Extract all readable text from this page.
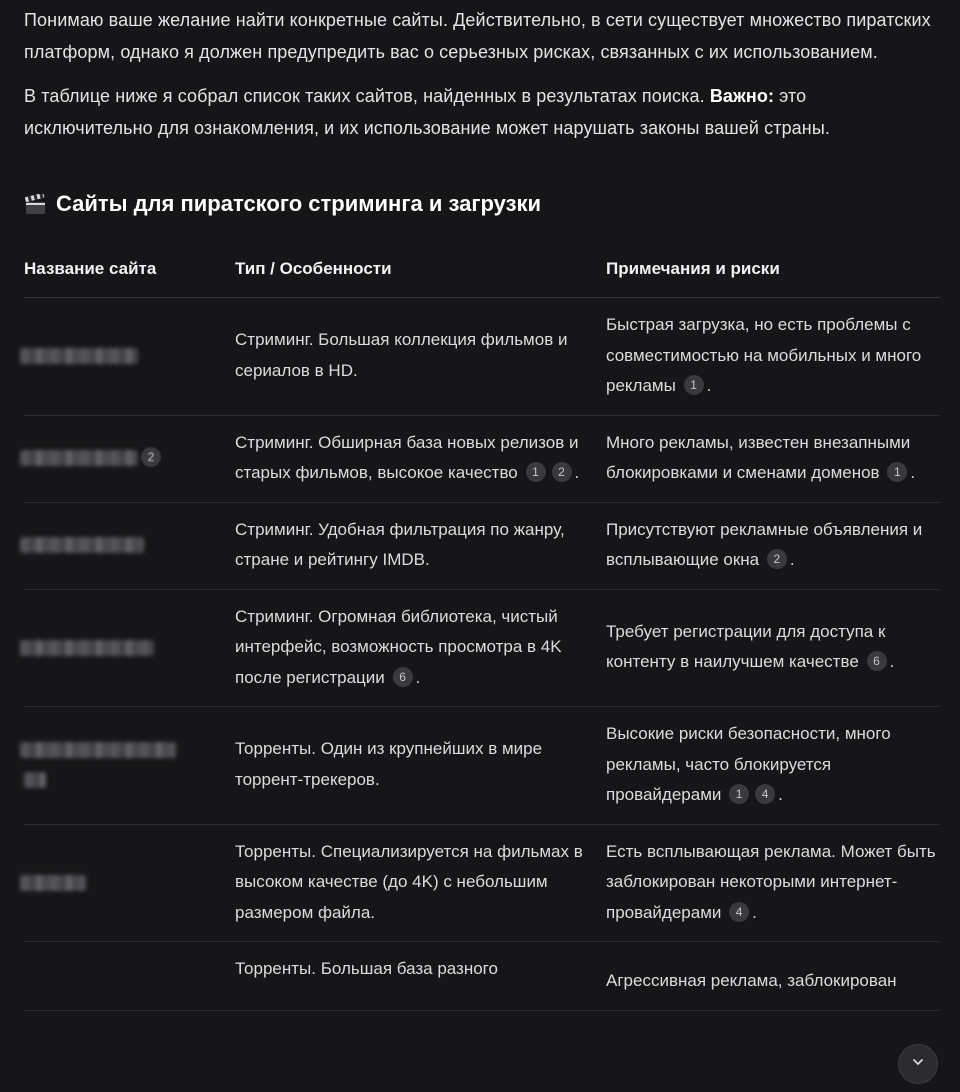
Понимаю ваше желание найти конкретные сайты. Действительно, в сети существует множество пиратских платформ, однако я должен предупредить вас о серьезных рисках, связанных с их использованием.

В таблице ниже я собрал список таких сайтов, найденных в результатах поиска. Важно: это исключительно для ознакомления, и их использование может нарушать законы вашей страны.

Сайты для пиратского стриминга и загрузки
Название сайта	Тип / Особенности	Примечания и риски
	Стриминг. Большая коллекция фильмов и сериалов в HD.	Быстрая загрузка, но есть проблемы с совместимостью на мобильных и много рекламы 1 .
2	Стриминг. Обширная база новых релизов и старых фильмов, высокое качество 1 2 .	Много рекламы, известен внезапными блокировками и сменами доменов 1 .
	Стриминг. Удобная фильтрация по жанру, стране и рейтингу IMDB.	Присутствуют рекламные объявления и всплывающие окна 2 .
	Стриминг. Огромная библиотека, чистый интерфейс, возможность просмотра в 4K после регистрации 6 .	Требует регистрации для доступа к контенту в наилучшем качестве 6 .

	Торренты. Один из крупнейших в мире торрент-трекеров.	Высокие риски безопасности, много рекламы, часто блокируется провайдерами 1 4 .
	Торренты. Специализируется на фильмах в высоком качестве (до 4K) с небольшим размером файла.	Есть всплывающая реклама. Может быть заблокирован некоторыми интернет-провайдерами 4 .
	Торренты. Большая база разного	Агрессивная реклама, заблокирован
